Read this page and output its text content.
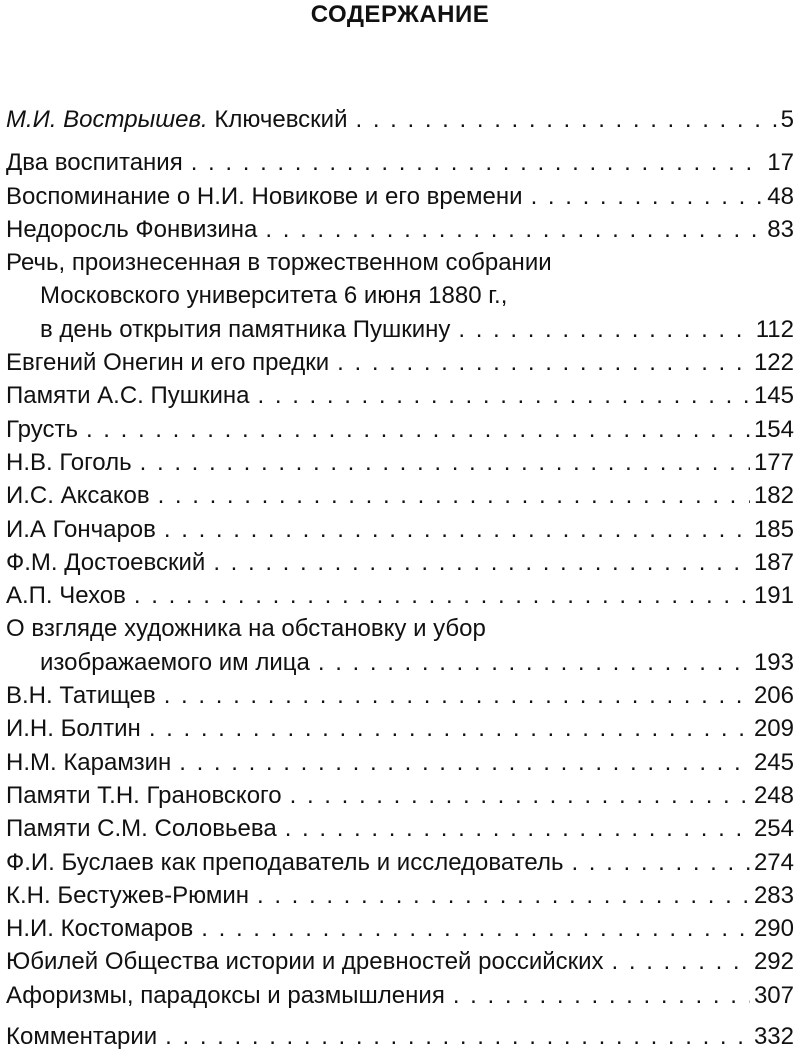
СОДЕРЖАНИЕ
М.И. Вострышев. Ключевский . . .	5
Два воспитания . . .	17
Воспоминание о Н.И. Новикове и его времени . . .	48
Недоросль Фонвизина . . .	83
Речь, произнесенная в торжественном собрании
Московского университета 6 июня 1880 г.,
в день открытия памятника Пушкину . . .	112
Евгений Онегин и его предки . . .	122
Памяти А.С. Пушкина . . .	145
Грусть . . .	154
Н.В. Гоголь . . .	177
И.С. Аксаков . . .	182
И.А Гончаров . . .	185
Ф.М. Достоевский . . .	187
А.П. Чехов . . .	191
О взгляде художника на обстановку и убор
изображаемого им лица . . .	193
В.Н. Татищев . . .	206
И.Н. Болтин . . .	209
Н.М. Карамзин . . .	245
Памяти Т.Н. Грановского . . .	248
Памяти С.М. Соловьева . . .	254
Ф.И. Буслаев как преподаватель и исследователь . . .	274
К.Н. Бестужев-Рюмин . . .	283
Н.И. Костомаров . . .	290
Юбилей Общества истории и древностей российских . . .	292
Афоризмы, парадоксы и размышления . . .	307
Комментарии . . .	332
